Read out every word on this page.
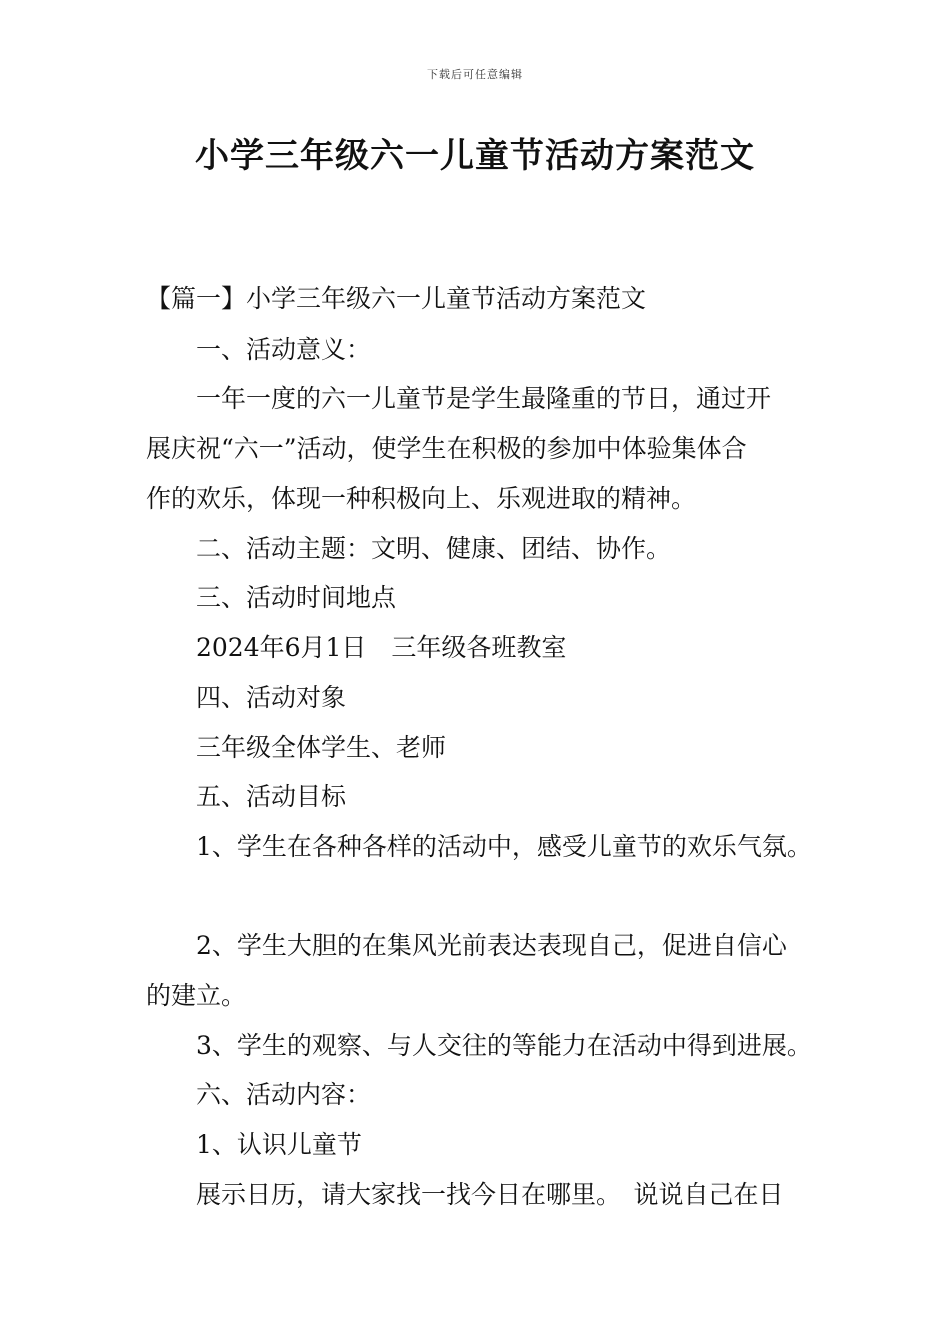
下载后可任意编辑
小学三年级六一儿童节活动方案范文
【篇一】小学三年级六一儿童节活动方案范文
一、活动意义：
一年一度的六一儿童节是学生最隆重的节日，通过开
展庆祝“六一”活动，使学生在积极的参加中体验集体合
作的欢乐，体现一种积极向上、乐观进取的精神。
二、活动主题：文明、健康、团结、协作。
三、活动时间地点
2024年6月1日　三年级各班教室
四、活动对象
三年级全体学生、老师
五、活动目标
1、学生在各种各样的活动中，感受儿童节的欢乐气氛。
2、学生大胆的在集风光前表达表现自己，促进自信心
的建立。
3、学生的观察、与人交往的等能力在活动中得到进展。
六、活动内容：
1、认识儿童节
展示日历，请大家找一找今日在哪里。　说说自己在日
